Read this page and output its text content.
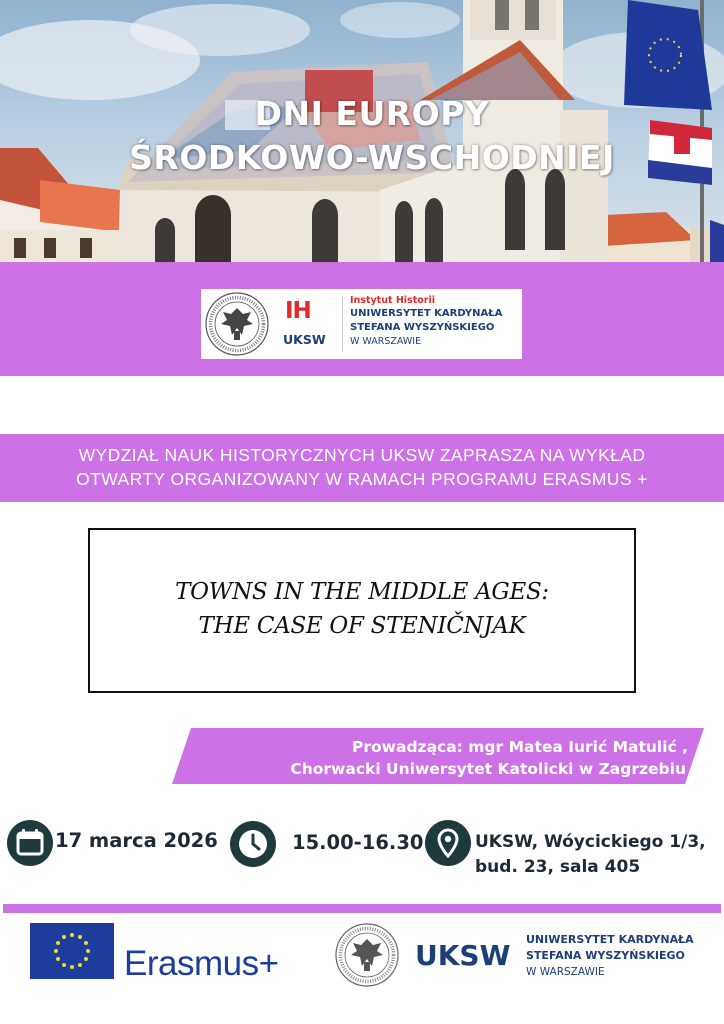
DNI EUROPY
ŚRODKOWO-WSCHODNIEJ
IH
UKSW
Instytut Historii
UNIWERSYTET KARDYNAŁA
STEFANA WYSZYŃSKIEGO
W WARSZAWIE
WYDZIAŁ NAUK HISTORYCZNYCH UKSW ZAPRASZA NA WYKŁAD
OTWARTY ORGANIZOWANY W RAMACH PROGRAMU ERASMUS +
TOWNS IN THE MIDDLE AGES:
THE CASE OF STENIČNJAK
Prowadząca: mgr Matea Iurić Matulić ,
Chorwacki Uniwersytet Katolicki w Zagrzebiu
17 marca 2026	15.00-16.30	UKSW, Wóycickiego 1/3,
bud. 23, sala 405
Erasmus+	UKSW UNIWERSYTET KARDYNAŁA
STEFANA WYSZYŃSKIEGO
W WARSZAWIE
